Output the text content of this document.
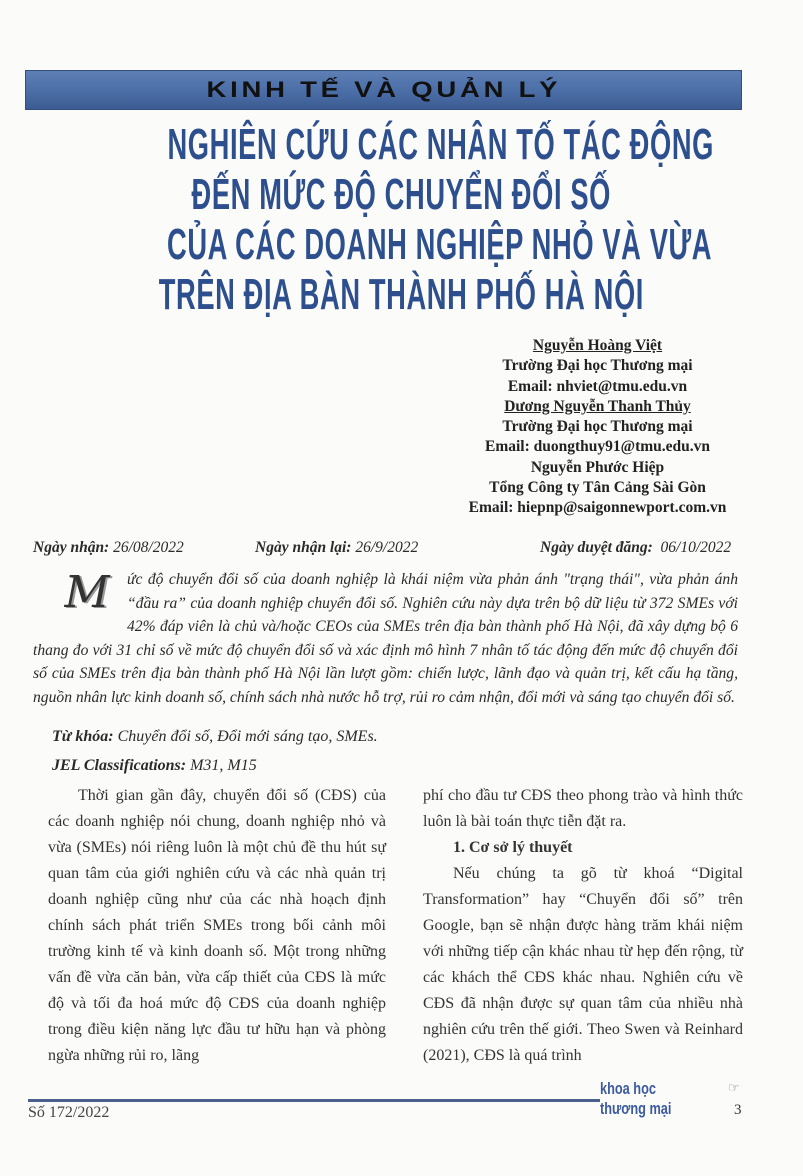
KINH TẾ VÀ QUẢN LÝ
NGHIÊN CỨU CÁC NHÂN TỐ TÁC ĐỘNG
ĐẾN MỨC ĐỘ CHUYỂN ĐỔI SỐ
CỦA CÁC DOANH NGHIỆP NHỎ VÀ VỪA
TRÊN ĐỊA BÀN THÀNH PHỐ HÀ NỘI
Nguyễn Hoàng Việt
Trường Đại học Thương mại
Email: nhviet@tmu.edu.vn
Dương Nguyễn Thanh Thủy
Trường Đại học Thương mại
Email: duongthuy91@tmu.edu.vn
Nguyễn Phước Hiệp
Tổng Công ty Tân Cảng Sài Gòn
Email: hiepnp@saigonnewport.com.vn
Ngày nhận: 26/08/2022	Ngày nhận lại: 26/9/2022	Ngày duyệt đăng: 06/10/2022
M	ức độ chuyển đổi số của doanh nghiệp là khái niệm vừa phản ánh "trạng thái", vừa phản ánh “đầu ra” của doanh nghiệp chuyển đổi số. Nghiên cứu này dựa trên bộ dữ liệu từ 372 SMEs với 42% đáp viên là chủ và/hoặc CEOs của SMEs trên địa bàn thành phố Hà Nội, đã xây dựng bộ 6 thang đo với 31 chỉ số về mức độ chuyển đổi số và xác định mô hình 7 nhân tố tác động đến mức độ chuyển đổi số của SMEs trên địa bàn thành phố Hà Nội lần lượt gồm: chiến lược, lãnh đạo và quản trị, kết cấu hạ tầng, nguồn nhân lực kinh doanh số, chính sách nhà nước hỗ trợ, rủi ro cảm nhận, đổi mới và sáng tạo chuyển đổi số.
Từ khóa: Chuyển đổi số, Đổi mới sáng tạo, SMEs.
JEL Classifications: M31, M15

Thời gian gần đây, chuyển đổi số (CĐS) của các doanh nghiệp nói chung, doanh nghiệp nhỏ và vừa (SMEs) nói riêng luôn là một chủ đề thu hút sự quan tâm của giới nghiên cứu và các nhà quản trị doanh nghiệp cũng như của các nhà hoạch định chính sách phát triển SMEs trong bối cảnh môi trường kinh tế và kinh doanh số. Một trong những vấn đề vừa căn bản, vừa cấp thiết của CĐS là mức độ và tối đa hoá mức độ CĐS của doanh nghiệp trong điều kiện năng lực đầu tư hữu hạn và phòng ngừa những rủi ro, lãng

phí cho đầu tư CĐS theo phong trào và hình thức luôn là bài toán thực tiễn đặt ra.

1. Cơ sở lý thuyết

Nếu chúng ta gõ từ khoá “Digital Transformation” hay “Chuyển đổi số” trên Google, bạn sẽ nhận được hàng trăm khái niệm với những tiếp cận khác nhau từ hẹp đến rộng, từ các khách thể CĐS khác nhau. Nghiên cứu về CĐS đã nhận được sự quan tâm của nhiều nhà nghiên cứu trên thế giới. Theo Swen và Reinhard (2021), CĐS là quá trình

Số 172/2022
khoa học
thương mại
☞
3
